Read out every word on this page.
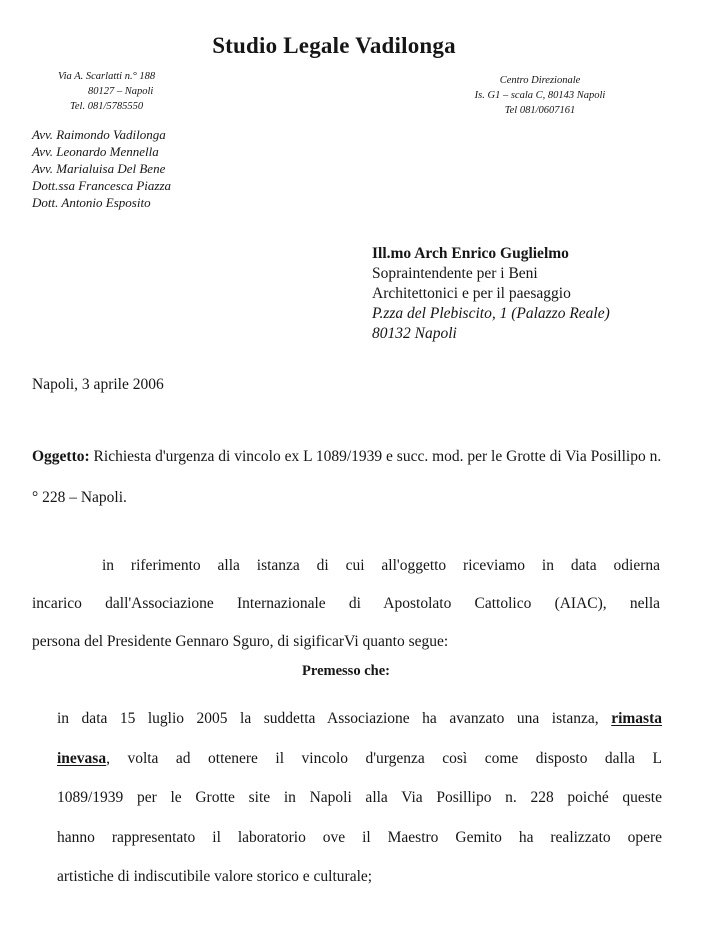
Studio Legale Vadilonga
Via A. Scarlatti n.° 188
80127 – Napoli
Tel. 081/5785550
Centro Direzionale
Is. G1 – scala C, 80143 Napoli
Tel 081/0607161
Avv. Raimondo Vadilonga
Avv. Leonardo Mennella
Avv. Marialuisa Del Bene
Dott.ssa Francesca Piazza
Dott. Antonio Esposito
Ill.mo Arch Enrico Guglielmo
Sopraintendente per i Beni
Architettonici e per il paesaggio
P.zza del Plebiscito, 1 (Palazzo Reale)
80132 Napoli
Napoli, 3 aprile 2006
Oggetto: Richiesta d'urgenza di vincolo ex L 1089/1939 e succ. mod. per le Grotte di Via Posillipo n.° 228 – Napoli.
in riferimento alla istanza di cui all'oggetto riceviamo in data odierna
incarico dall'Associazione Internazionale di Apostolato Cattolico (AIAC), nella
persona del Presidente Gennaro Sguro, di sigificarVi quanto segue:
Premesso che:
in data 15 luglio 2005 la suddetta Associazione ha avanzato una istanza, rimasta
inevasa, volta ad ottenere il vincolo d'urgenza così come disposto dalla L
1089/1939 per le Grotte site in Napoli alla Via Posillipo n. 228 poiché queste
hanno rappresentato il laboratorio ove il Maestro Gemito ha realizzato opere
artistiche di indiscutibile valore storico e culturale;
